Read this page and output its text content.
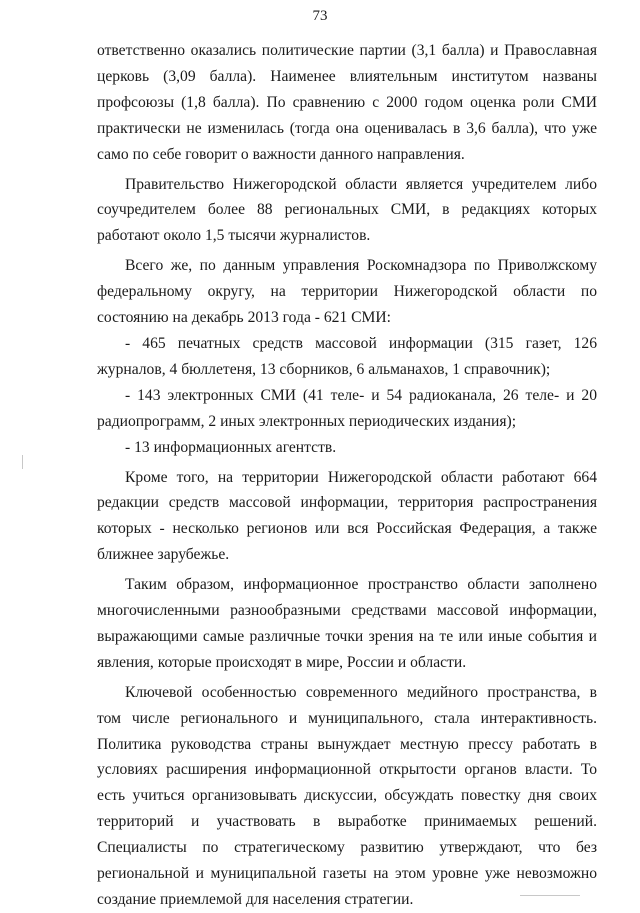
73

ответственно оказались политические партии (3,1 балла) и Православная церковь (3,09 балла). Наименее влиятельным институтом названы профсоюзы (1,8 балла). По сравнению с 2000 годом оценка роли СМИ практически не изменилась (тогда она оценивалась в 3,6 балла), что уже само по себе говорит о важности данного направления.

Правительство Нижегородской области является учредителем либо соучредителем более 88 региональных СМИ, в редакциях которых работают около 1,5 тысячи журналистов.

Всего же, по данным управления Роскомнадзора по Приволжскому федеральному округу, на территории Нижегородской области по состоянию на декабрь 2013 года - 621 СМИ:

- 465 печатных средств массовой информации (315 газет, 126 журналов, 4 бюллетеня, 13 сборников, 6 альманахов, 1 справочник);

- 143 электронных СМИ (41 теле- и 54 радиоканала, 26 теле- и 20 радиопрограмм, 2 иных электронных периодических издания);

- 13 информационных агентств.

Кроме того, на территории Нижегородской области работают 664 редакции средств массовой информации, территория распространения которых - несколько регионов или вся Российская Федерация, а также ближнее зарубежье.

Таким образом, информационное пространство области заполнено многочисленными разнообразными средствами массовой информации, выражающими самые различные точки зрения на те или иные события и явления, которые происходят в мире, России и области.

Ключевой особенностью современного медийного пространства, в том числе регионального и муниципального, стала интерактивность. Политика руководства страны вынуждает местную прессу работать в условиях расширения информационной открытости органов власти. То есть учиться организовывать дискуссии, обсуждать повестку дня своих территорий и участвовать в выработке принимаемых решений. Специалисты по стратегическому развитию утверждают, что без региональной и муниципальной газеты на этом уровне уже невозможно создание приемлемой для населения стратегии.
